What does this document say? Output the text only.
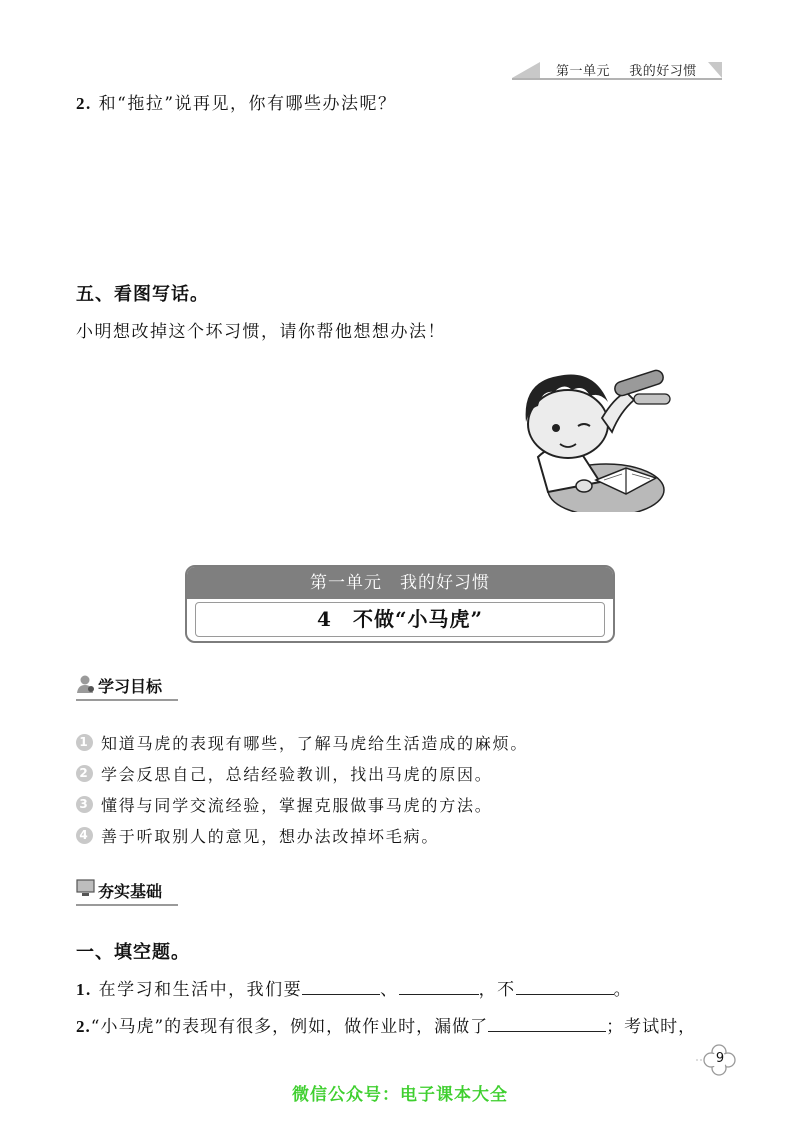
第一单元 我的好习惯
2. 和“拖拉”说再见，你有哪些办法呢？
五、看图写话。
小明想改掉这个坏习惯，请你帮他想想办法！
第一单元　我的好习惯
4　不做“小马虎”
学习目标
1 知道马虎的表现有哪些，了解马虎给生活造成的麻烦。
2 学会反思自己，总结经验教训，找出马虎的原因。
3 懂得与同学交流经验，掌握克服做事马虎的方法。
4 善于听取别人的意见，想办法改掉坏毛病。
夯实基础
一、填空题。
1. 在学习和生活中，我们要	、	，不	。
2.“小马虎”的表现有很多，例如，做作业时，漏做了	；考试时，
9
微信公众号：电子课本大全
